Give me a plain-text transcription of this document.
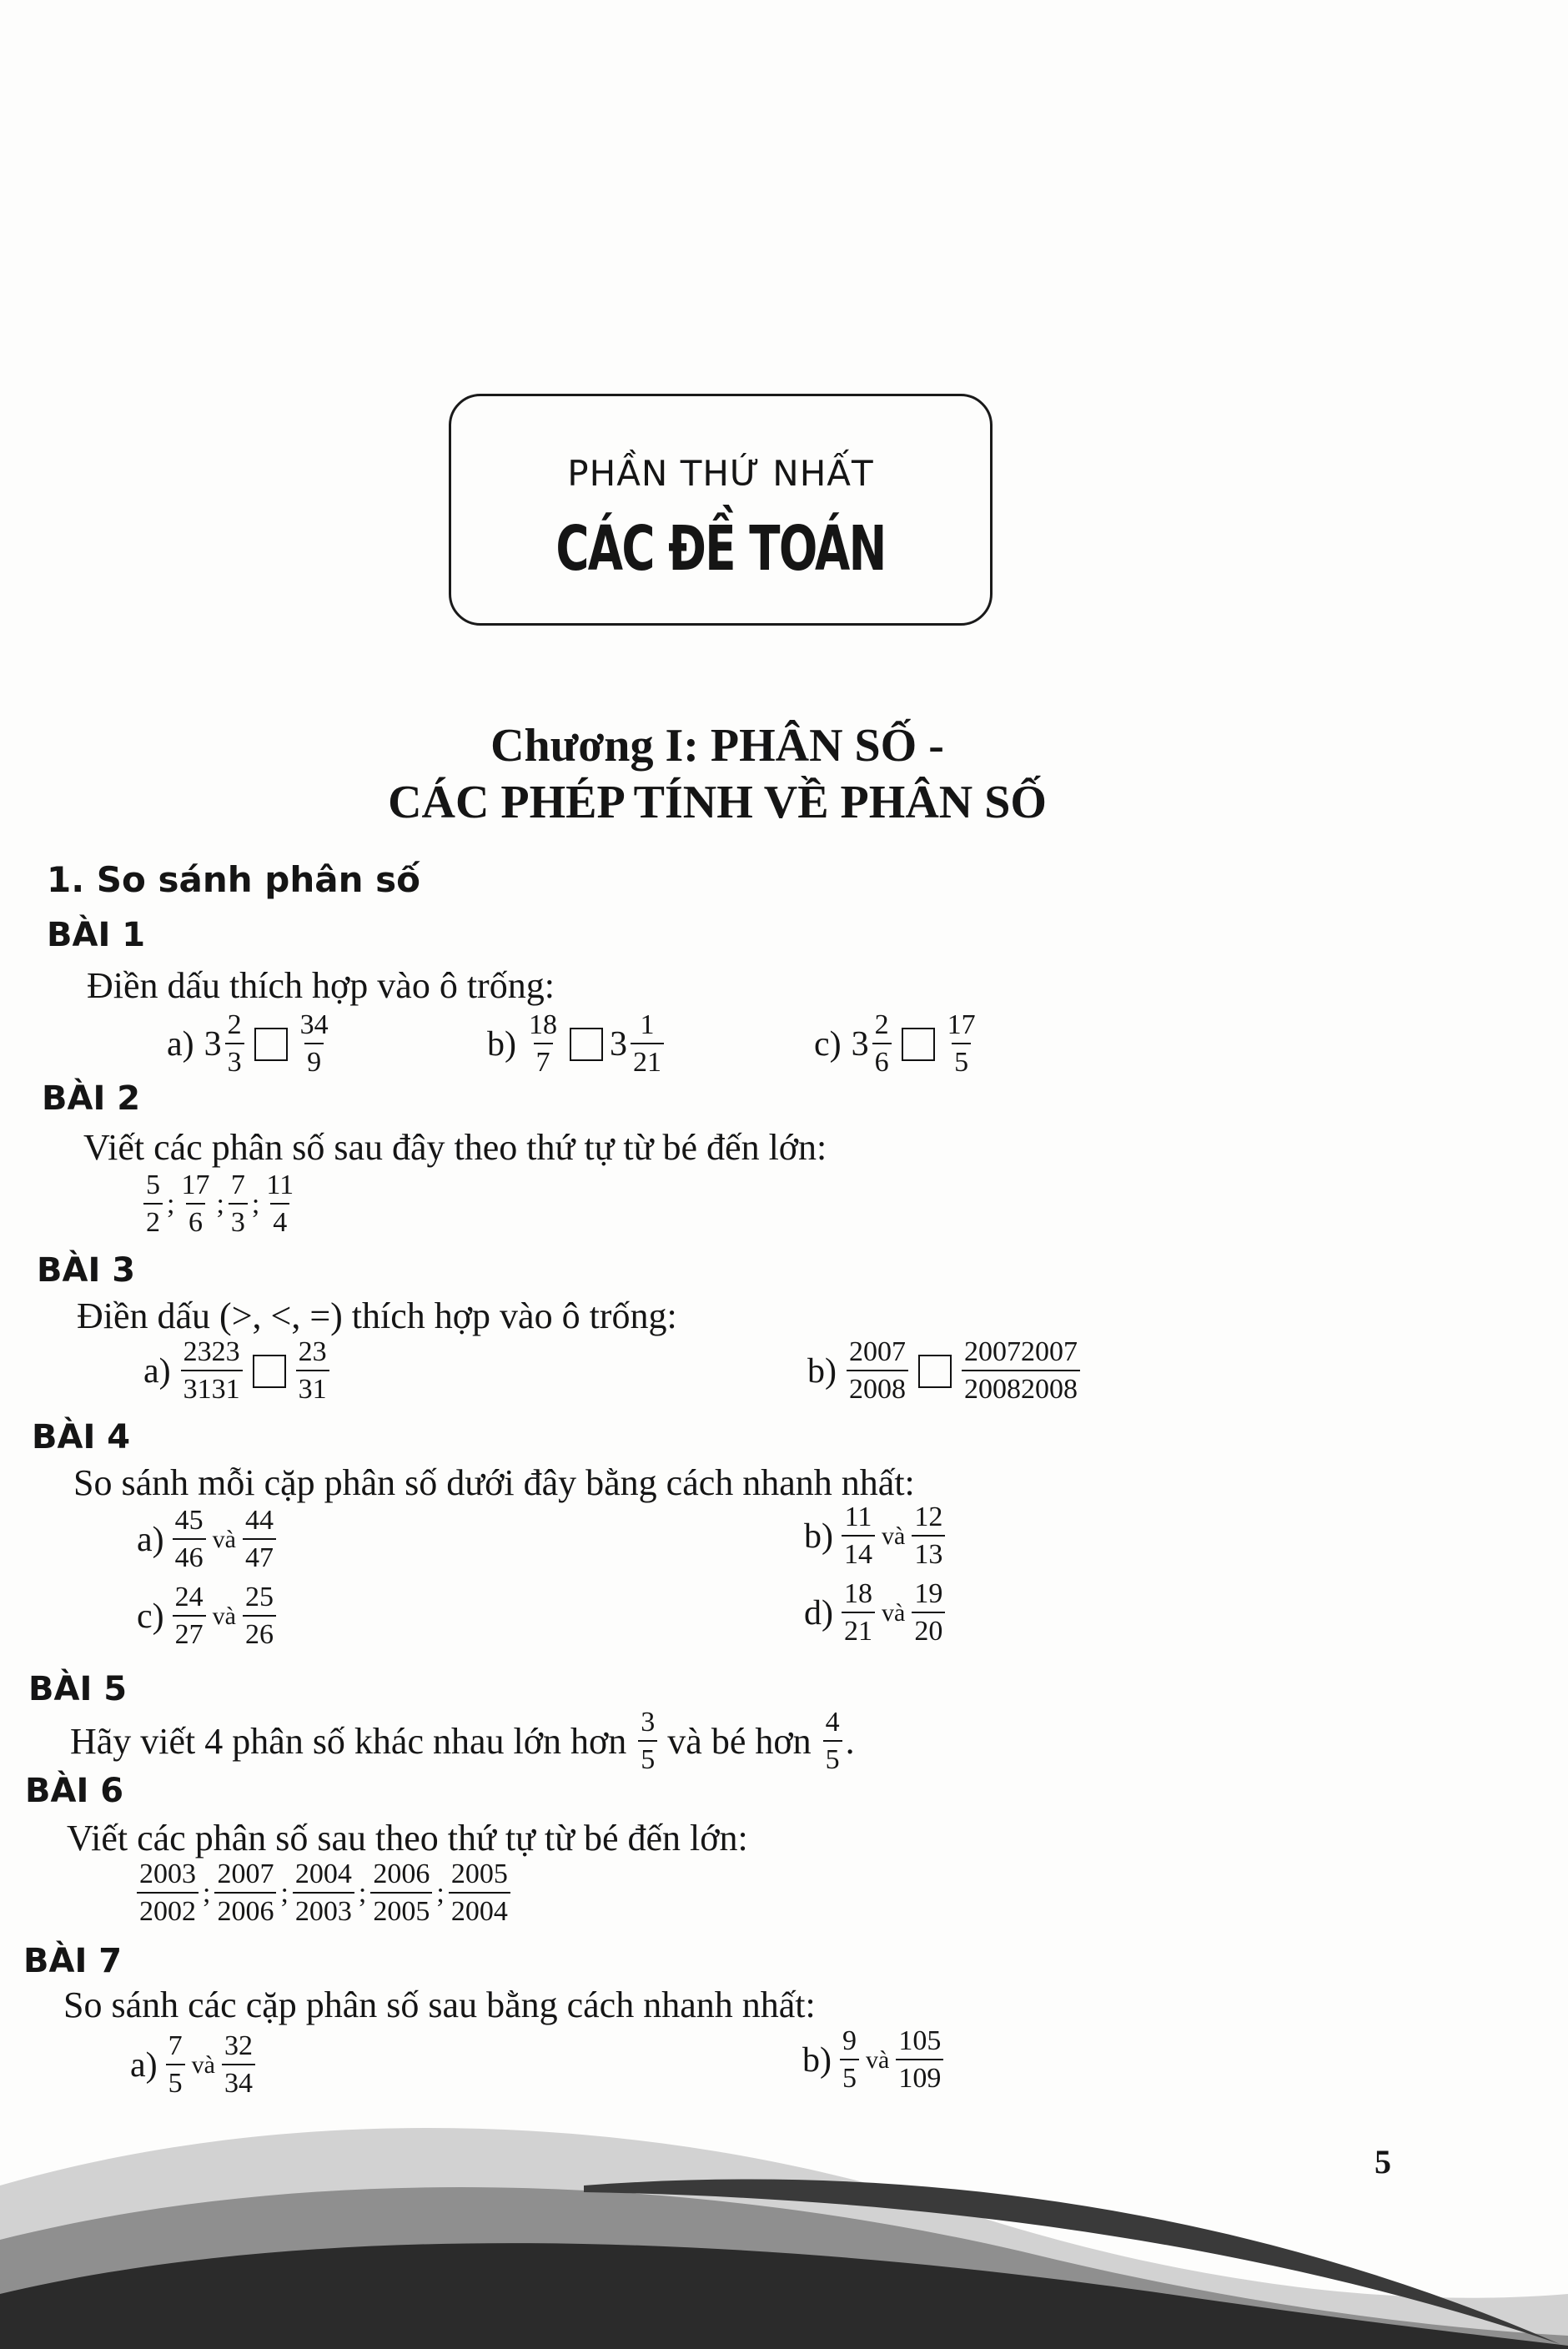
PHẦN THỨ NHẤT
CÁC ĐỀ TOÁN
Chương I: PHÂN SỐ -
CÁC PHÉP TÍNH VỀ PHÂN SỐ
1. So sánh phân số
BÀI 1
Điền dấu thích hợp vào ô trống:
a) $3 \frac{2}{3} \frac{34}{9}$	$b) \frac{18}{7} 3 \frac{1}{21}$	c) $3 \frac{2}{6} \frac{17}{5}$
BÀI 2
Viết các phân số sau đây theo thứ tự từ bé đến lớn:
$\frac{5}{2}$ ; $\frac{17}{6}$ ; $\frac{7}{3}$ ; $\frac{11}{4}$
BÀI 3
Điền dấu (>, <, =) thích hợp vào ô trống:
$a) \frac{2323}{3131} \frac{23}{31}$	$b) \frac{2007}{2008} \frac{20072007}{20082008}$
BÀI 4
So sánh mỗi cặp phân số dưới đây bằng cách nhanh nhất:
$a) \frac{45}{46}$ và $\frac{44}{47}$	$b) \frac{11}{14}$ và $\frac{12}{13}$
$c) \frac{24}{27}$ và $\frac{25}{26}$	$d) \frac{18}{21}$ và $\frac{19}{20}$
BÀI 5
Hãy viết 4 phân số khác nhau lớn hơn $\frac{3}{5}$ và bé hơn $\frac{4}{5}$ .
BÀI 6
Viết các phân số sau theo thứ tự từ bé đến lớn:
$\frac{2003}{2002}$ ; $\frac{2007}{2006}$ ; $\frac{2004}{2003}$ ; $\frac{2006}{2005}$ ; $\frac{2005}{2004}$
BÀI 7
So sánh các cặp phân số sau bằng cách nhanh nhất:
$a) \frac{7}{5}$ và $\frac{32}{34}$	$b) \frac{9}{5}$ và $\frac{105}{109}$
5
